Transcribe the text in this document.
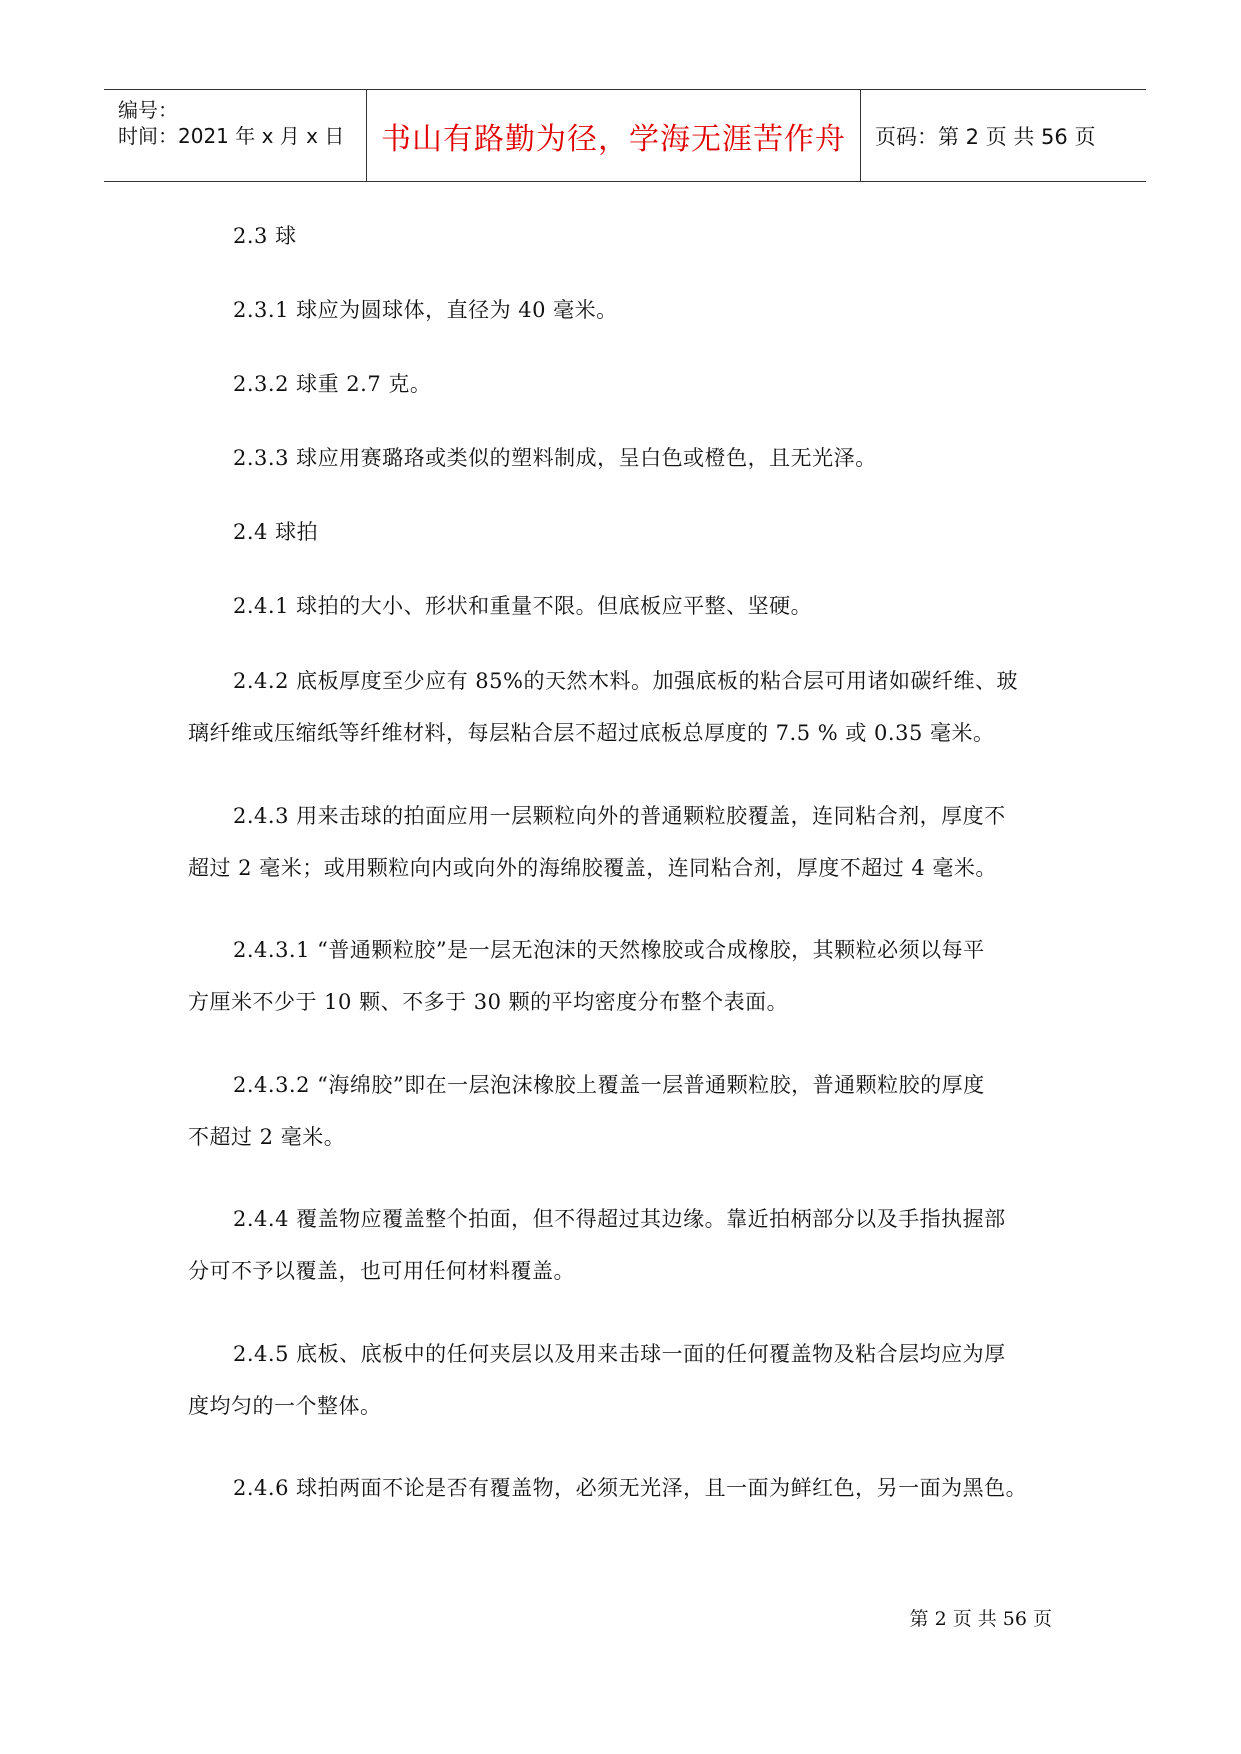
编号：
时间：2021 年 x 月 x 日 书山有路勤为径，学海无涯苦作舟 页码：第 2 页 共 56 页
2.3 球
2.3.1 球应为圆球体，直径为 40 毫米。
2.3.2 球重 2.7 克。
2.3.3 球应用赛璐珞或类似的塑料制成，呈白色或橙色，且无光泽。
2.4 球拍
2.4.1 球拍的大小、形状和重量不限。但底板应平整、坚硬。
2.4.2 底板厚度至少应有 85%的天然木料。加强底板的粘合层可用诸如碳纤维、玻
璃纤维或压缩纸等纤维材料，每层粘合层不超过底板总厚度的 7.5 % 或 0.35 毫米。
2.4.3 用来击球的拍面应用一层颗粒向外的普通颗粒胶覆盖，连同粘合剂，厚度不
超过 2 毫米；或用颗粒向内或向外的海绵胶覆盖，连同粘合剂，厚度不超过 4 毫米。
2.4.3.1 “普通颗粒胶”是一层无泡沫的天然橡胶或合成橡胶，其颗粒必须以每平
方厘米不少于 10 颗、不多于 30 颗的平均密度分布整个表面。
2.4.3.2 “海绵胶”即在一层泡沫橡胶上覆盖一层普通颗粒胶，普通颗粒胶的厚度
不超过 2 毫米。
2.4.4 覆盖物应覆盖整个拍面，但不得超过其边缘。靠近拍柄部分以及手指执握部
分可不予以覆盖，也可用任何材料覆盖。
2.4.5 底板、底板中的任何夹层以及用来击球一面的任何覆盖物及粘合层均应为厚
度均匀的一个整体。
2.4.6 球拍两面不论是否有覆盖物，必须无光泽，且一面为鲜红色，另一面为黑色。
第 2 页 共 56 页
